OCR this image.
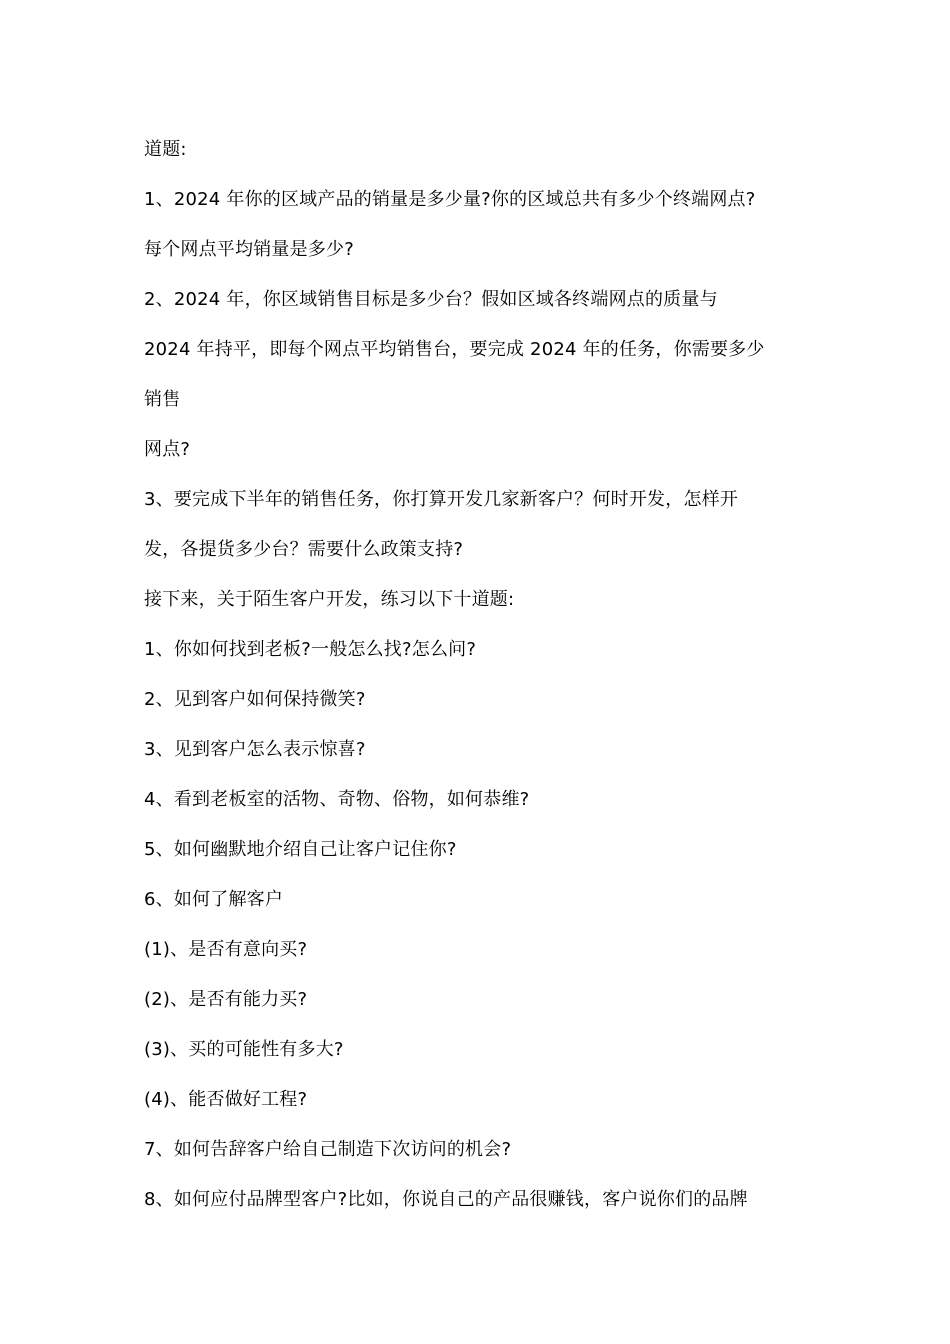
道题:
1、2024 年你的区域产品的销量是多少量?你的区域总共有多少个终端网点?
每个网点平均销量是多少?
2、2024 年，你区域销售目标是多少台？假如区域各终端网点的质量与
2024 年持平，即每个网点平均销售台，要完成 2024 年的任务，你需要多少
销售
网点?
3、要完成下半年的销售任务，你打算开发几家新客户？何时开发，怎样开
发，各提货多少台？需要什么政策支持?
接下来，关于陌生客户开发，练习以下十道题:
1、你如何找到老板?一般怎么找?怎么问?
2、见到客户如何保持微笑?
3、见到客户怎么表示惊喜?
4、看到老板室的活物、奇物、俗物，如何恭维?
5、如何幽默地介绍自己让客户记住你?
6、如何了解客户
(1)、是否有意向买?
(2)、是否有能力买?
(3)、买的可能性有多大?
(4)、能否做好工程?
7、如何告辞客户给自己制造下次访问的机会?
8、如何应付品牌型客户?比如，你说自己的产品很赚钱，客户说你们的品牌
